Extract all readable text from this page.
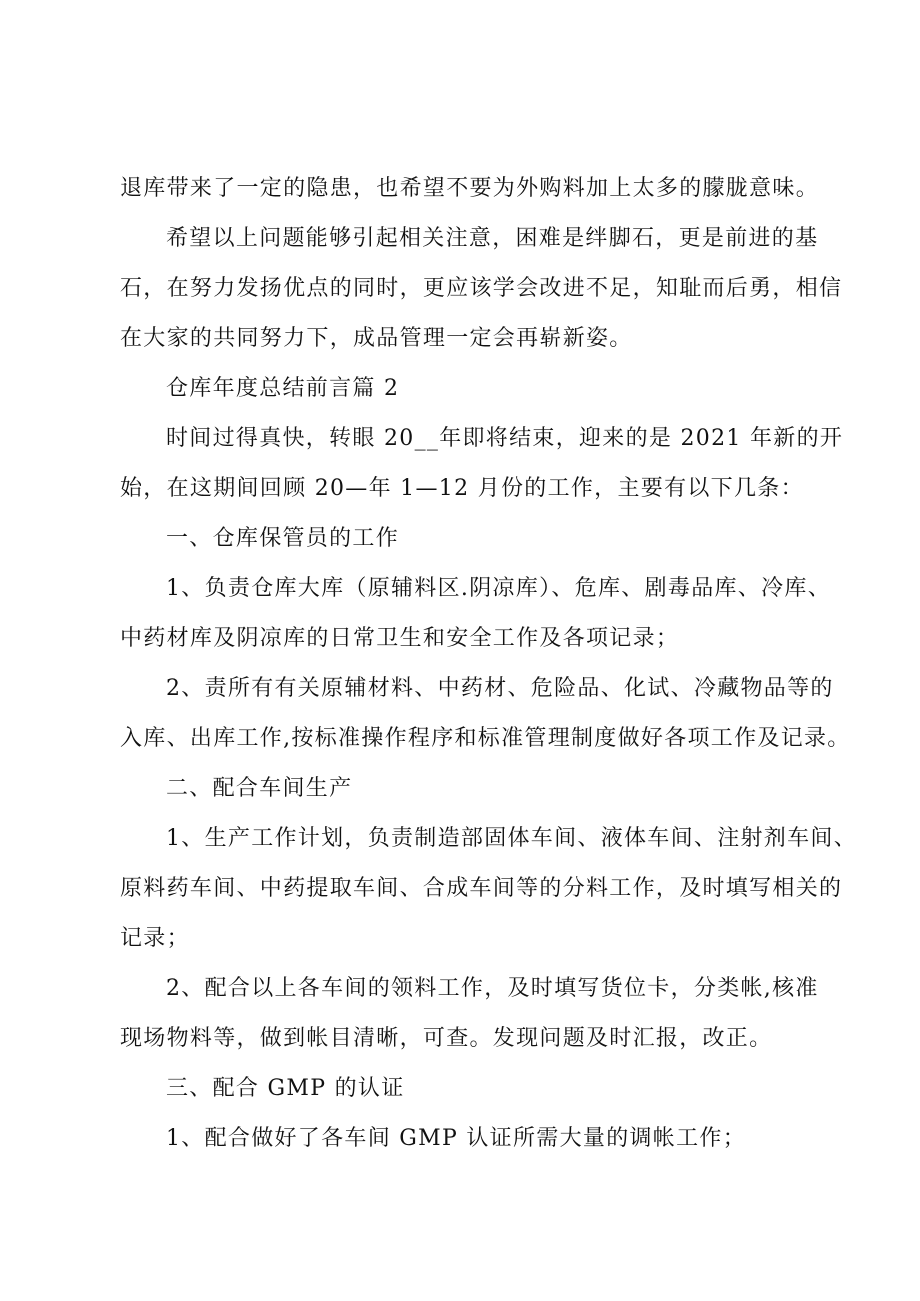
退库带来了一定的隐患，也希望不要为外购料加上太多的朦胧意味。
希望以上问题能够引起相关注意，困难是绊脚石，更是前进的基
石，在努力发扬优点的同时，更应该学会改进不足，知耻而后勇，相信
在大家的共同努力下，成品管理一定会再崭新姿。
仓库年度总结前言篇 2
时间过得真快，转眼 20__年即将结束，迎来的是 2021 年新的开
始，在这期间回顾 20—年 1—12 月份的工作，主要有以下几条：
一、仓库保管员的工作
1、负责仓库大库（原辅料区.阴凉库）、危库、剧毒品库、冷库、
中药材库及阴凉库的日常卫生和安全工作及各项记录；
2、责所有有关原辅材料、中药材、危险品、化试、冷藏物品等的
入库、出库工作,按标准操作程序和标准管理制度做好各项工作及记录。
二、配合车间生产
1、生产工作计划，负责制造部固体车间、液体车间、注射剂车间、
原料药车间、中药提取车间、合成车间等的分料工作，及时填写相关的
记录；
2、配合以上各车间的领料工作，及时填写货位卡，分类帐,核准
现场物料等，做到帐目清晰，可查。发现问题及时汇报，改正。
三、配合 GMP 的认证
1、配合做好了各车间 GMP 认证所需大量的调帐工作；
